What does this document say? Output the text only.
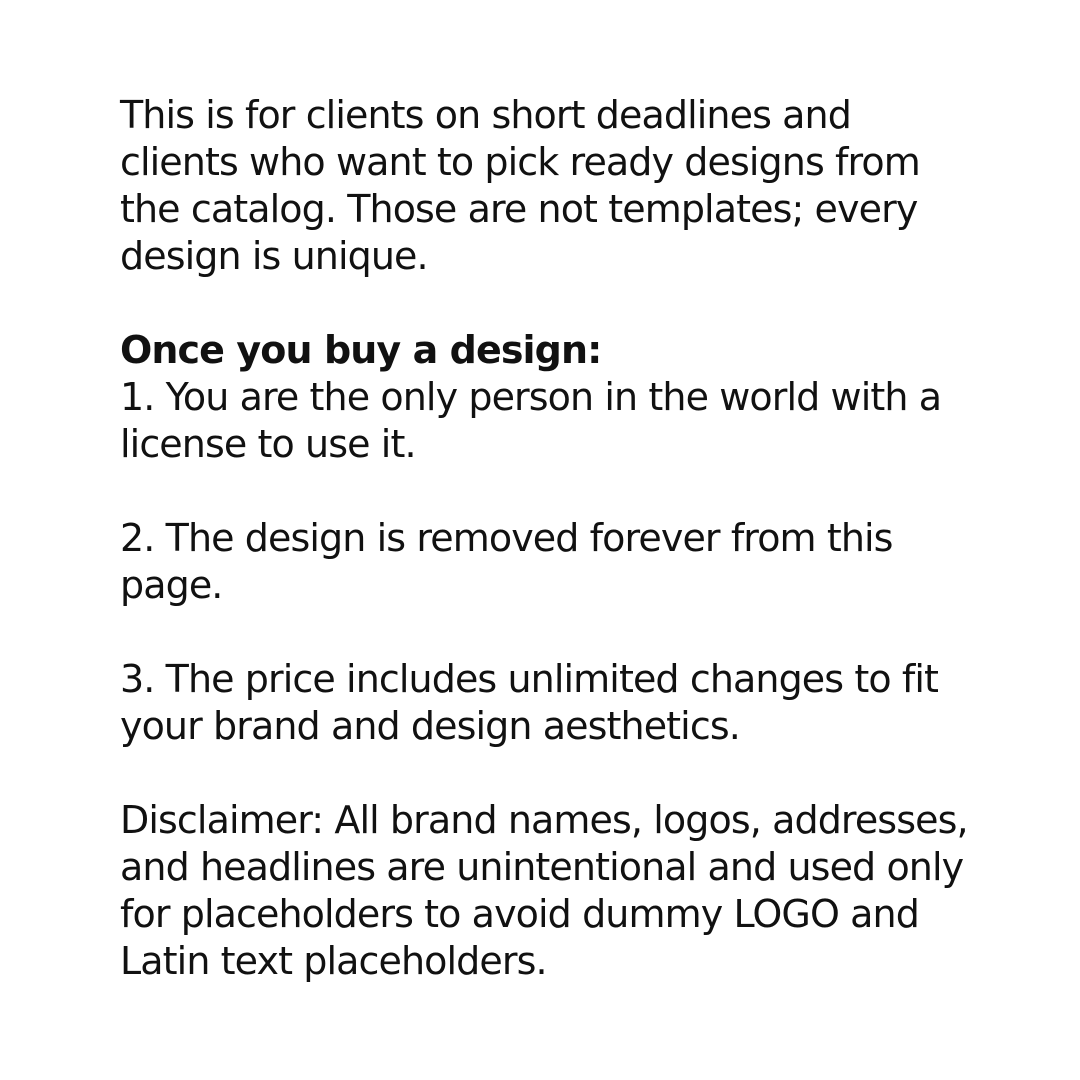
This is for clients on short deadlines and clients who want to pick ready designs from the catalog. Those are not templates; every design is unique.

Once you buy a design:

1. You are the only person in the world with a license to use it.

2. The design is removed forever from this page.

3. The price includes unlimited changes to fit your brand and design aesthetics.

Disclaimer: All brand names, logos, addresses, and headlines are unintentional and used only for placeholders to avoid dummy LOGO and Latin text placeholders.
